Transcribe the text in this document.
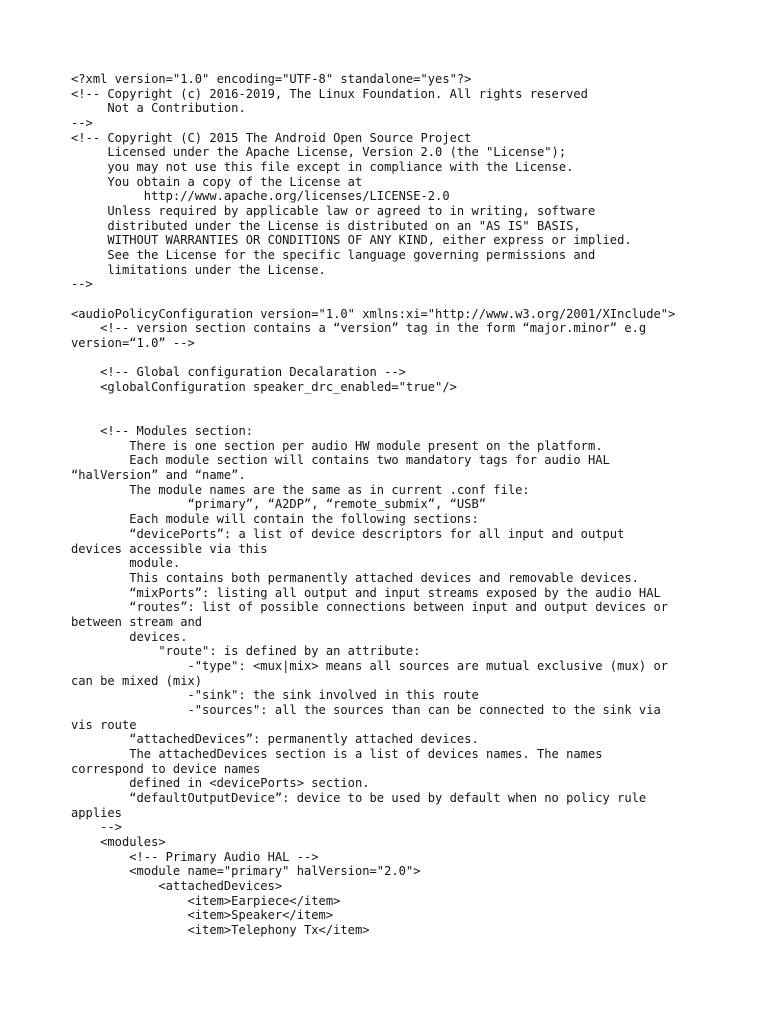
<?xml version="1.0" encoding="UTF-8" standalone="yes"?>
<!-- Copyright (c) 2016-2019, The Linux Foundation. All rights reserved
Not a Contribution.
-->
<!-- Copyright (C) 2015 The Android Open Source Project
Licensed under the Apache License, Version 2.0 (the "License");
you may not use this file except in compliance with the License.
You obtain a copy of the License at
http://www.apache.org/licenses/LICENSE-2.0
Unless required by applicable law or agreed to in writing, software
distributed under the License is distributed on an "AS IS" BASIS,
WITHOUT WARRANTIES OR CONDITIONS OF ANY KIND, either express or implied.
See the License for the specific language governing permissions and
limitations under the License.
-->
<audioPolicyConfiguration version="1.0" xmlns:xi="http://www.w3.org/2001/XInclude">
<!-- version section contains a “version” tag in the form “major.minor” e.g
version=“1.0” -->
<!-- Global configuration Decalaration -->
<globalConfiguration speaker_drc_enabled="true"/>
<!-- Modules section:
There is one section per audio HW module present on the platform.
Each module section will contains two mandatory tags for audio HAL
“halVersion” and “name”.
The module names are the same as in current .conf file:
“primary”, “A2DP”, “remote_submix”, “USB”
Each module will contain the following sections:
“devicePorts”: a list of device descriptors for all input and output
devices accessible via this
module.
This contains both permanently attached devices and removable devices.
“mixPorts”: listing all output and input streams exposed by the audio HAL
“routes”: list of possible connections between input and output devices or
between stream and
devices.
"route": is defined by an attribute:
-"type": <mux|mix> means all sources are mutual exclusive (mux) or
can be mixed (mix)
-"sink": the sink involved in this route
-"sources": all the sources than can be connected to the sink via
vis route
“attachedDevices”: permanently attached devices.
The attachedDevices section is a list of devices names. The names
correspond to device names
defined in <devicePorts> section.
“defaultOutputDevice”: device to be used by default when no policy rule
applies
-->
<modules>
<!-- Primary Audio HAL -->
<module name="primary" halVersion="2.0">
<attachedDevices>
<item>Earpiece</item>
<item>Speaker</item>
<item>Telephony Tx</item>
